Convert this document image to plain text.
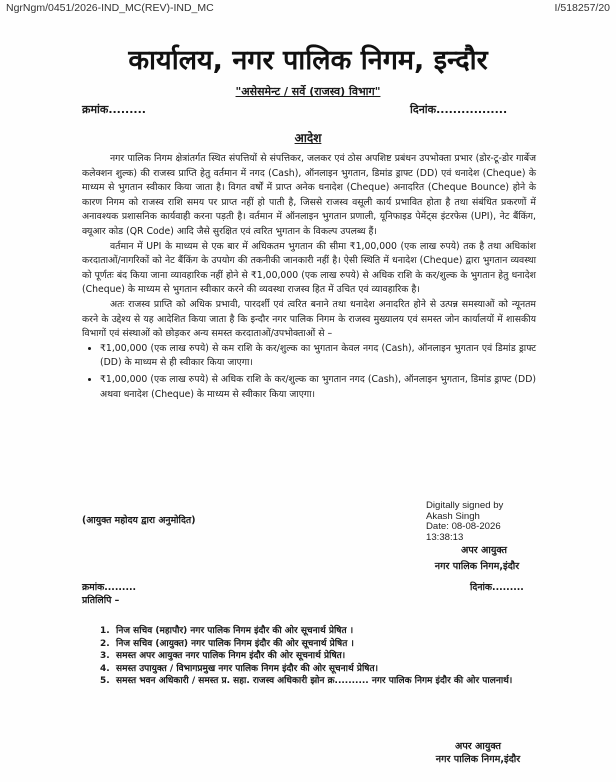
NgrNgm/0451/2026-IND_MC(REV)-IND_MC	I/518257/20
कार्यालय, नगर पालिक निगम, इन्दौर
"असेसमेन्ट / सर्वे (राजस्व) विभाग"
क्रमांक.........	दिनांक.................
आदेश

नगर पालिक निगम क्षेत्रांतर्गत स्थित संपत्तियों से संपत्तिकर, जलकर एवं ठोस अपशिष्ट प्रबंधन उपभोक्ता प्रभार (डोर-टू-डोर गार्बेज कलेक्शन शुल्क) की राजस्व प्राप्ति हेतु वर्तमान में नगद (Cash), ऑनलाइन भुगतान, डिमांड ड्राफ्ट (DD) एवं धनादेश (Cheque) के माध्यम से भुगतान स्वीकार किया जाता है। विगत वर्षों में प्राप्त अनेक धनादेश (Cheque) अनादरित (Cheque Bounce) होने के कारण निगम को राजस्व राशि समय पर प्राप्त नहीं हो पाती है, जिससे राजस्व वसूली कार्य प्रभावित होता है तथा संबंधित प्रकरणों में अनावश्यक प्रशासनिक कार्यवाही करना पड़ती है। वर्तमान में ऑनलाइन भुगतान प्रणाली, यूनिफाइड पेमेंट्स इंटरफेस (UPI), नेट बैंकिंग, क्यूआर कोड (QR Code) आदि जैसे सुरक्षित एवं त्वरित भुगतान के विकल्प उपलब्ध हैं।

वर्तमान में UPI के माध्यम से एक बार में अधिकतम भुगतान की सीमा ₹1,00,000 (एक लाख रुपये) तक है तथा अधिकांश करदाताओं/नागरिकों को नेट बैंकिंग के उपयोग की तकनीकी जानकारी नहीं है। ऐसी स्थिति में धनादेश (Cheque) द्वारा भुगतान व्यवस्था को पूर्णतः बंद किया जाना व्यावहारिक नहीं होने से ₹1,00,000 (एक लाख रुपये) से अधिक राशि के कर/शुल्क के भुगतान हेतु धनादेश (Cheque) के माध्यम से भुगतान स्वीकार करने की व्यवस्था राजस्व हित में उचित एवं व्यावहारिक है।

अतः राजस्व प्राप्ति को अधिक प्रभावी, पारदर्शी एवं त्वरित बनाने तथा धनादेश अनादरित होने से उत्पन्न समस्याओं को न्यूनतम करने के उद्देश्य से यह आदेशित किया जाता है कि इन्दौर नगर पालिक निगम के राजस्व मुख्यालय एवं समस्त जोन कार्यालयों में शासकीय विभागों एवं संस्थाओं को छोड़कर अन्य समस्त करदाताओं/उपभोक्ताओं से –

• ₹1,00,000 (एक लाख रुपये) से कम राशि के कर/शुल्क का भुगतान केवल नगद (Cash), ऑनलाइन भुगतान एवं डिमांड ड्राफ्ट (DD) के माध्यम से ही स्वीकार किया जाएगा।
• ₹1,00,000 (एक लाख रुपये) से अधिक राशि के कर/शुल्क का भुगतान नगद (Cash), ऑनलाइन भुगतान, डिमांड ड्राफ्ट (DD) अथवा धनादेश (Cheque) के माध्यम से स्वीकार किया जाएगा।
(आयुक्त महोदय द्वारा अनुमोदित)
Digitally signed by
Akash Singh
Date: 08-08-2026
13:38:13
अपर आयुक्त
नगर पालिक निगम,इंदौर
क्रमांक.........	दिनांक.........
प्रतिलिपि –
1. निज सचिव (महापौर) नगर पालिक निगम इंदौर की ओर सूचनार्थ प्रेषित ।
2. निज सचिव (आयुक्त) नगर पालिक निगम इंदौर की ओर सूचनार्थ प्रेषित ।
3. समस्त अपर आयुक्त नगर पालिक निगम इंदौर की ओर सूचनार्थ प्रेषित।
4. समस्त उपायुक्त / विभागप्रमुख नगर पालिक निगम इंदौर की ओर सूचनार्थ प्रेषित।
5. समस्त भवन अधिकारी / समस्त प्र. सहा. राजस्व अधिकारी झोन क्र.......... नगर पालिक निगम इंदौर की ओर पालनार्थ।
अपर आयुक्त
नगर पालिक निगम,इंदौर
